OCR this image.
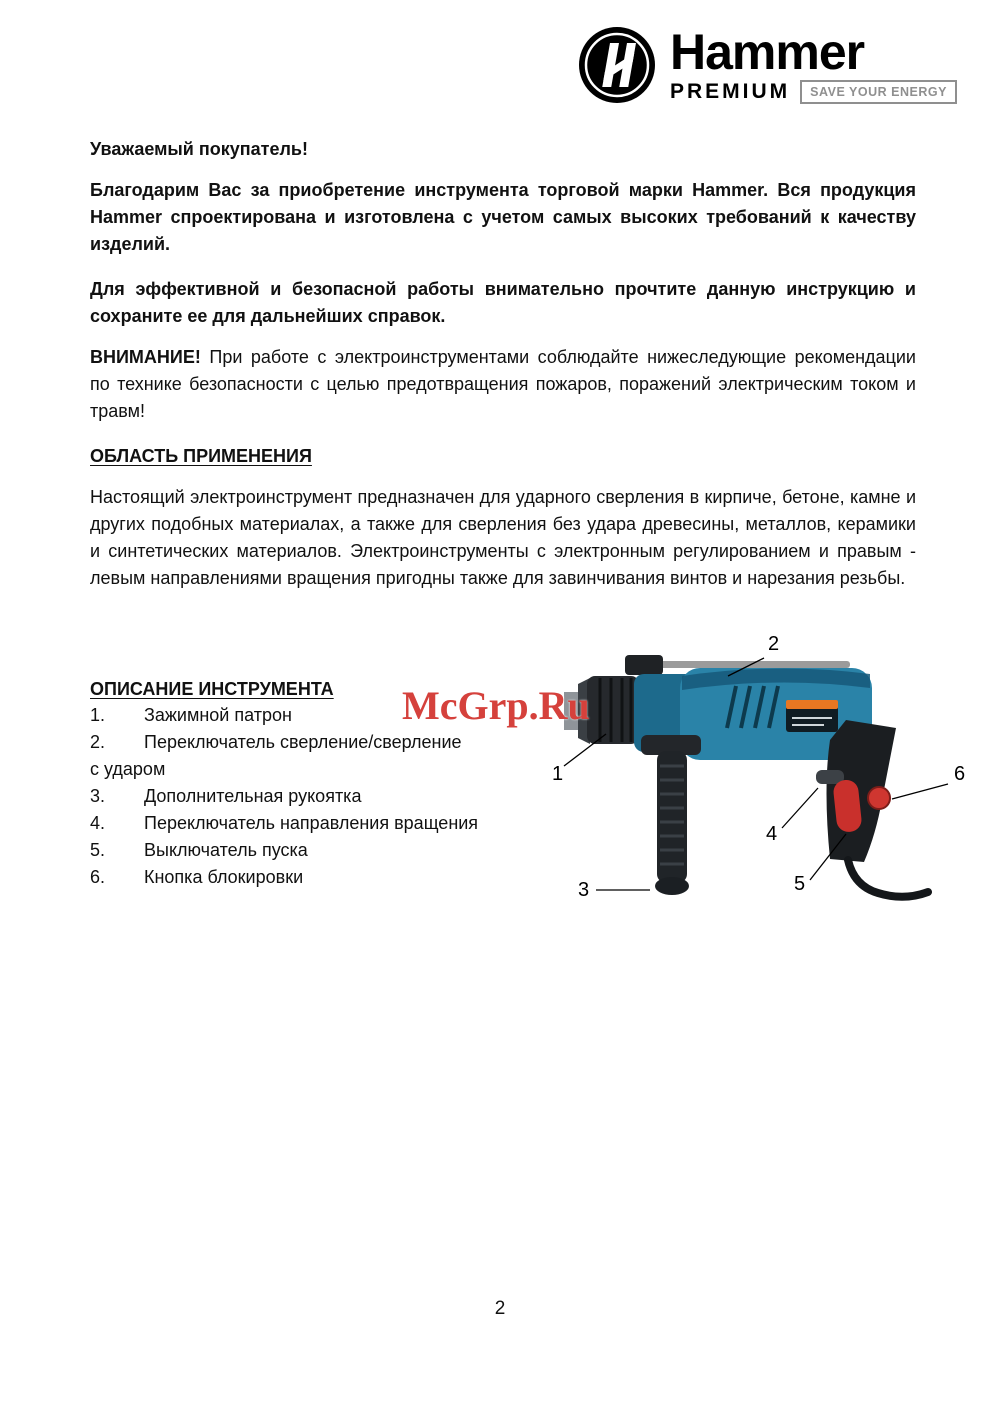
Hammer
PREMIUM	SAVE YOUR ENERGY
Уважаемый покупатель!

Благодарим Вас за приобретение инструмента торговой марки Hammer. Вся продукция Hammer спроектирована и изготовлена с учетом самых высоких требований к качеству изделий.

Для эффективной и безопасной работы внимательно прочтите данную инструкцию и сохраните ее для дальнейших справок.

ВНИМАНИЕ! При работе с электроинструментами соблюдайте нижеследующие рекомендации по технике безопасности с целью предотвращения пожаров, поражений электрическим током и травм!

ОБЛАСТЬ ПРИМЕНЕНИЯ

Настоящий электроинструмент предназначен для ударного сверления в кирпиче, бетоне, камне и других подобных материалах, а также для сверления без удара древесины, металлов, керамики и синтетических материалов. Электроинструменты с электронным регулированием и правым - левым направлениями вращения пригодны также для завинчивания винтов и нарезания резьбы.

ОПИСАНИЕ ИНСТРУМЕНТА
1. Зажимной патрон
2. Переключатель сверление/сверление
с ударом
3. Дополнительная рукоятка
4. Переключатель направления вращения
5. Выключатель пуска
6. Кнопка блокировки
2
1	6
4
5
3
McGrp.Ru
2
